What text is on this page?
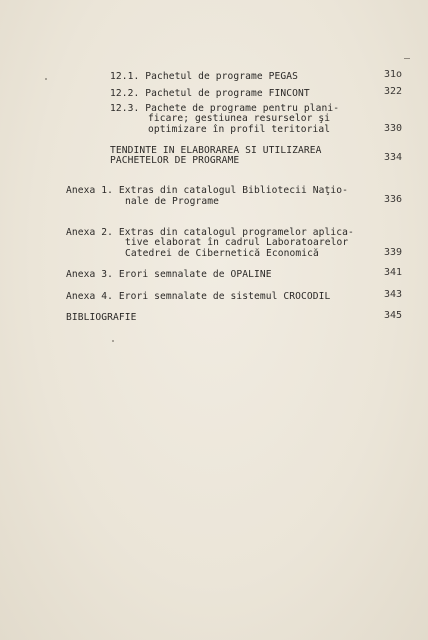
12.1. Pachetul de programe PEGAS	31o
12.2. Pachetul de programe FINCONT	322
12.3. Pachete de programe pentru plani-
ficare; gestiunea resurselor şi
optimizare în profil teritorial	330
TENDINTE IN ELABORAREA SI UTILIZAREA
PACHETELOR DE PROGRAME	334
Anexa 1. Extras din catalogul Bibliotecii Naţio-
nale de Programe	336
Anexa 2. Extras din catalogul programelor aplica-
tive elaborat în cadrul Laboratoarelor
Catedrei de Cibernetică Economică	339
Anexa 3. Erori semnalate de OPALINE	341
Anexa 4. Erori semnalate de sistemul CROCODIL	343
BIBLIOGRAFIE	345
